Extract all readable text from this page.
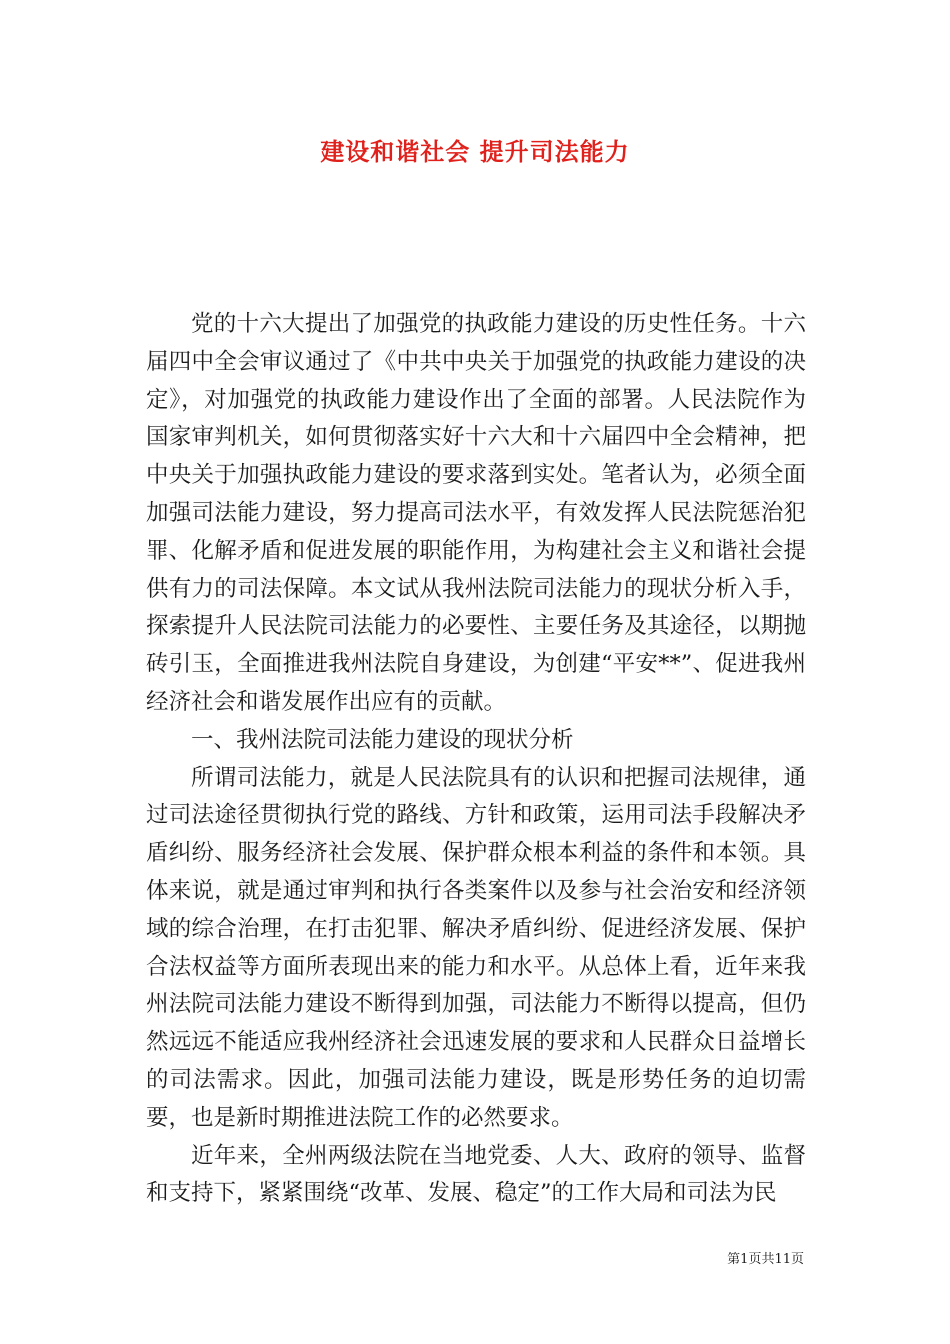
建设和谐社会 提升司法能力

党的十六大提出了加强党的执政能力建设的历史性任务。十六届四中全会审议通过了《中共中央关于加强党的执政能力建设的决定》，对加强党的执政能力建设作出了全面的部署。人民法院作为国家审判机关，如何贯彻落实好十六大和十六届四中全会精神，把中央关于加强执政能力建设的要求落到实处。笔者认为，必须全面加强司法能力建设，努力提高司法水平，有效发挥人民法院惩治犯罪、化解矛盾和促进发展的职能作用，为构建社会主义和谐社会提供有力的司法保障。本文试从我州法院司法能力的现状分析入手，探索提升人民法院司法能力的必要性、主要任务及其途径，以期抛砖引玉，全面推进我州法院自身建设，为创建“平安**”、促进我州经济社会和谐发展作出应有的贡献。

一、我州法院司法能力建设的现状分析

所谓司法能力，就是人民法院具有的认识和把握司法规律，通过司法途径贯彻执行党的路线、方针和政策，运用司法手段解决矛盾纠纷、服务经济社会发展、保护群众根本利益的条件和本领。具体来说，就是通过审判和执行各类案件以及参与社会治安和经济领域的综合治理，在打击犯罪、解决矛盾纠纷、促进经济发展、保护合法权益等方面所表现出来的能力和水平。从总体上看，近年来我州法院司法能力建设不断得到加强，司法能力不断得以提高，但仍然远远不能适应我州经济社会迅速发展的要求和人民群众日益增长的司法需求。因此，加强司法能力建设，既是形势任务的迫切需要，也是新时期推进法院工作的必然要求。

近年来，全州两级法院在当地党委、人大、政府的领导、监督和支持下，紧紧围绕“改革、发展、稳定”的工作大局和司法为民

第1页共11页
